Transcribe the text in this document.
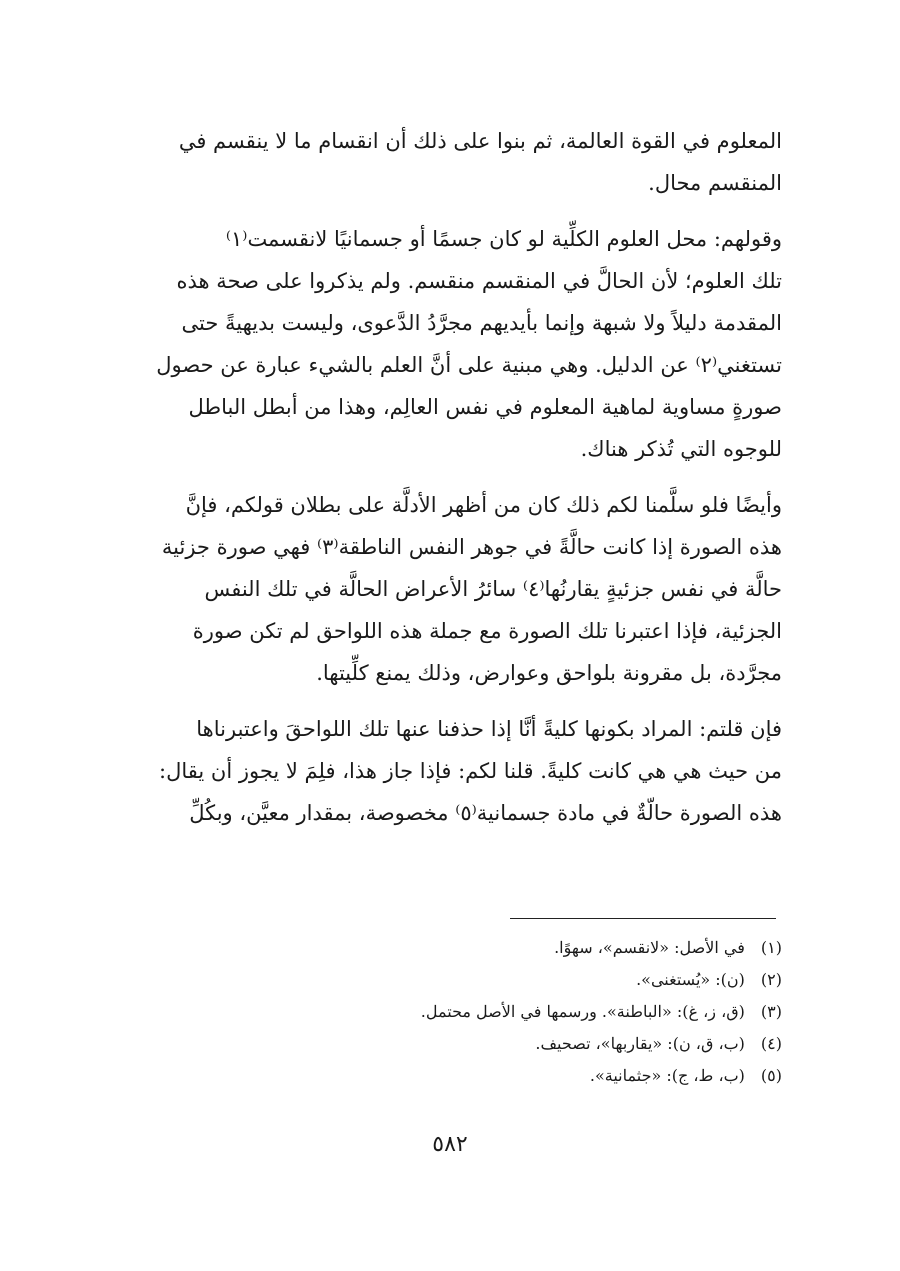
المعلوم في القوة العالمة، ثم بنوا على ذلك أن انقسام ما لا ينقسم في
المنقسم محال.

وقولهم: محل العلوم الكلِّية لو كان جسمًا أو جسمانيًا لانقسمت⁽١⁾
تلك العلوم؛ لأن الحالَّ في المنقسم منقسم. ولم يذكروا على صحة هذه
المقدمة دليلاً ولا شبهة وإنما بأيديهم مجرَّدُ الدَّعوى، وليست بديهيةً حتى
تستغني⁽٢⁾ عن الدليل. وهي مبنية على أنَّ العلم بالشيء عبارة عن حصول
صورةٍ مساوية لماهية المعلوم في نفس العالِم، وهذا من أبطل الباطل
للوجوه التي تُذكر هناك.

وأيضًا فلو سلَّمنا لكم ذلك كان من أظهر الأدلَّة على بطلان قولكم، فإنَّ
هذه الصورة إذا كانت حالَّةً في جوهر النفس الناطقة⁽٣⁾ فهي صورة جزئية
حالَّة في نفس جزئيةٍ يقارنُها⁽٤⁾ سائرُ الأعراض الحالَّة في تلك النفس
الجزئية، فإذا اعتبرنا تلك الصورة مع جملة هذه اللواحق لم تكن صورة
مجرَّدة، بل مقرونة بلواحق وعوارض، وذلك يمنع كلِّيتها.

فإن قلتم: المراد بكونها كليةً أنَّا إذا حذفنا عنها تلك اللواحقَ واعتبرناها
من حيث هي هي كانت كليةً. قلنا لكم: فإذا جاز هذا، فلِمَ لا يجوز أن يقال:
هذه الصورة حالّةٌ في مادة جسمانية⁽٥⁾ مخصوصة، بمقدار معيَّن، وبكُلِّ

(١) في الأصل: «لانقسم»، سهوًا.
(٢) (ن): «يُستغنى».
(٣) (ق، ز، غ): «الباطنة». ورسمها في الأصل محتمل.
(٤) (ب، ق، ن): «يقاربها»، تصحيف.
(٥) (ب، ط، ج): «جثمانية».
٥٨٢
